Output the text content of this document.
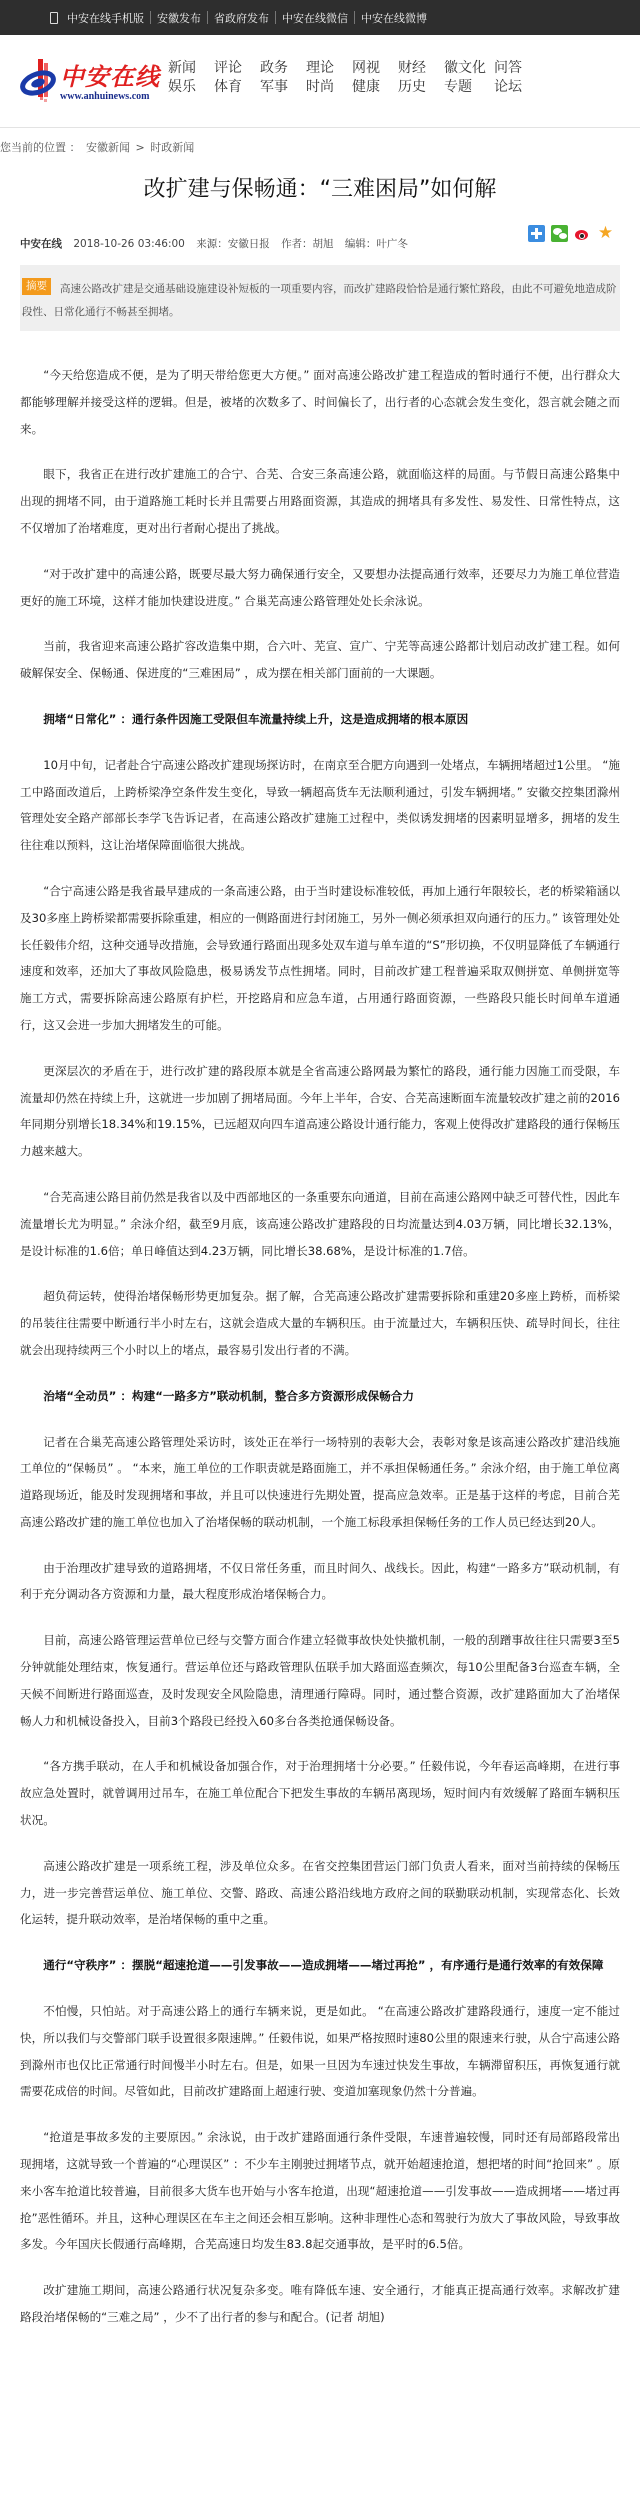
中安在线手机版	安徽发布	省政府发布	中安在线微信	中安在线微博
中安在线
www.anhuinews.com
新闻
娱乐
评论
体育
政务
军事
理论
时尚
网视
健康
财经
历史
徽文化
专题
问答
论坛
您当前的位置 ： 安徽新闻 > 时政新闻
改扩建与保畅通：“三难困局”如何解
中安在线 2018-10-26 03:46:00 来源：安徽日报 作者：胡旭 编辑：叶广冬
★
摘要	高速公路改扩建是交通基础设施建设补短板的一项重要内容，而改扩建路段恰恰是通行繁忙路段，由此不可避免地造成阶段性、日常化通行不畅甚至拥堵。

“今天给您造成不便，是为了明天带给您更大方便。” 面对高速公路改扩建工程造成的暂时通行不便，出行群众大都能够理解并接受这样的逻辑。但是，被堵的次数多了、时间偏长了，出行者的心态就会发生变化，怨言就会随之而来。

眼下，我省正在进行改扩建施工的合宁、合芜、合安三条高速公路，就面临这样的局面。与节假日高速公路集中出现的拥堵不同，由于道路施工耗时长并且需要占用路面资源，其造成的拥堵具有多发性、易发性、日常性特点，这不仅增加了治堵难度，更对出行者耐心提出了挑战。

“对于改扩建中的高速公路，既要尽最大努力确保通行安全，又要想办法提高通行效率，还要尽力为施工单位营造更好的施工环境，这样才能加快建设进度。” 合巢芜高速公路管理处处长余泳说。

当前，我省迎来高速公路扩容改造集中期，合六叶、芜宣、宣广、宁芜等高速公路都计划启动改扩建工程。如何破解保安全、保畅通、保进度的“三难困局” ，成为摆在相关部门面前的一大课题。

拥堵“日常化” ：通行条件因施工受限但车流量持续上升，这是造成拥堵的根本原因

10月中旬，记者赴合宁高速公路改扩建现场探访时，在南京至合肥方向遇到一处堵点，车辆拥堵超过1公里。 “施工中路面改道后，上跨桥梁净空条件发生变化，导致一辆超高货车无法顺利通过，引发车辆拥堵。” 安徽交控集团滁州管理处安全路产部部长李学飞告诉记者，在高速公路改扩建施工过程中，类似诱发拥堵的因素明显增多，拥堵的发生往往难以预料，这让治堵保障面临很大挑战。

“合宁高速公路是我省最早建成的一条高速公路，由于当时建设标准较低，再加上通行年限较长，老的桥梁箱涵以及30多座上跨桥梁都需要拆除重建，相应的一侧路面进行封闭施工，另外一侧必须承担双向通行的压力。” 该管理处处长任毅伟介绍，这种交通导改措施，会导致通行路面出现多处双车道与单车道的“S”形切换，不仅明显降低了车辆通行速度和效率，还加大了事故风险隐患，极易诱发节点性拥堵。同时，目前改扩建工程普遍采取双侧拼宽、单侧拼宽等施工方式，需要拆除高速公路原有护栏，开挖路肩和应急车道，占用通行路面资源，一些路段只能长时间单车道通行，这又会进一步加大拥堵发生的可能。

更深层次的矛盾在于，进行改扩建的路段原本就是全省高速公路网最为繁忙的路段，通行能力因施工而受限，车流量却仍然在持续上升，这就进一步加剧了拥堵局面。今年上半年，合安、合芜高速断面车流量较改扩建之前的2016年同期分别增长18.34%和19.15%，已远超双向四车道高速公路设计通行能力，客观上使得改扩建路段的通行保畅压力越来越大。

“合芜高速公路目前仍然是我省以及中西部地区的一条重要东向通道，目前在高速公路网中缺乏可替代性，因此车流量增长尤为明显。” 余泳介绍，截至9月底，该高速公路改扩建路段的日均流量达到4.03万辆，同比增长32.13%，是设计标准的1.6倍；单日峰值达到4.23万辆，同比增长38.68%，是设计标准的1.7倍。

超负荷运转，使得治堵保畅形势更加复杂。据了解，合芜高速公路改扩建需要拆除和重建20多座上跨桥，而桥梁的吊装往往需要中断通行半小时左右，这就会造成大量的车辆积压。由于流量过大，车辆积压快、疏导时间长，往往就会出现持续两三个小时以上的堵点，最容易引发出行者的不满。

治堵“全动员” ：构建“一路多方”联动机制，整合多方资源形成保畅合力

记者在合巢芜高速公路管理处采访时，该处正在举行一场特别的表彰大会，表彰对象是该高速公路改扩建沿线施工单位的“保畅员” 。 “本来，施工单位的工作职责就是路面施工，并不承担保畅通任务。” 余泳介绍，由于施工单位离道路现场近，能及时发现拥堵和事故，并且可以快速进行先期处置，提高应急效率。正是基于这样的考虑，目前合芜高速公路改扩建的施工单位也加入了治堵保畅的联动机制，一个施工标段承担保畅任务的工作人员已经达到20人。

由于治理改扩建导致的道路拥堵，不仅日常任务重，而且时间久、战线长。因此，构建“一路多方”联动机制，有利于充分调动各方资源和力量，最大程度形成治堵保畅合力。

目前，高速公路管理运营单位已经与交警方面合作建立轻微事故快处快撤机制，一般的刮蹭事故往往只需要3至5分钟就能处理结束，恢复通行。营运单位还与路政管理队伍联手加大路面巡查频次，每10公里配备3台巡查车辆，全天候不间断进行路面巡查，及时发现安全风险隐患，清理通行障碍。同时，通过整合资源，改扩建路面加大了治堵保畅人力和机械设备投入，目前3个路段已经投入60多台各类抢通保畅设备。

“各方携手联动，在人手和机械设备加强合作，对于治理拥堵十分必要。” 任毅伟说，今年春运高峰期，在进行事故应急处置时，就曾调用过吊车，在施工单位配合下把发生事故的车辆吊离现场，短时间内有效缓解了路面车辆积压状况。

高速公路改扩建是一项系统工程，涉及单位众多。在省交控集团营运门部门负责人看来，面对当前持续的保畅压力，进一步完善营运单位、施工单位、交警、路政、高速公路沿线地方政府之间的联勤联动机制，实现常态化、长效化运转，提升联动效率，是治堵保畅的重中之重。

通行“守秩序” ：摆脱“超速抢道——引发事故——造成拥堵——堵过再抢” ，有序通行是通行效率的有效保障

不怕慢，只怕站。对于高速公路上的通行车辆来说，更是如此。 “在高速公路改扩建路段通行，速度一定不能过快，所以我们与交警部门联手设置很多限速牌。” 任毅伟说，如果严格按照时速80公里的限速来行驶，从合宁高速公路到滁州市也仅比正常通行时间慢半小时左右。但是，如果一旦因为车速过快发生事故，车辆滞留积压，再恢复通行就需要花成倍的时间。尽管如此，目前改扩建路面上超速行驶、变道加塞现象仍然十分普遍。

“抢道是事故多发的主要原因。” 余泳说，由于改扩建路面通行条件受限，车速普遍较慢，同时还有局部路段常出现拥堵，这就导致一个普遍的“心理误区” ：不少车主刚驶过拥堵节点，就开始超速抢道，想把堵的时间“抢回来” 。原来小客车抢道比较普遍，目前很多大货车也开始与小客车抢道，出现“超速抢道——引发事故——造成拥堵——堵过再抢”恶性循环。并且，这种心理误区在车主之间还会相互影响。这种非理性心态和驾驶行为放大了事故风险，导致事故多发。今年国庆长假通行高峰期，合芜高速日均发生83.8起交通事故，是平时的6.5倍。

改扩建施工期间，高速公路通行状况复杂多变。唯有降低车速、安全通行，才能真正提高通行效率。求解改扩建路段治堵保畅的“三难之局” ，少不了出行者的参与和配合。(记者 胡旭)
